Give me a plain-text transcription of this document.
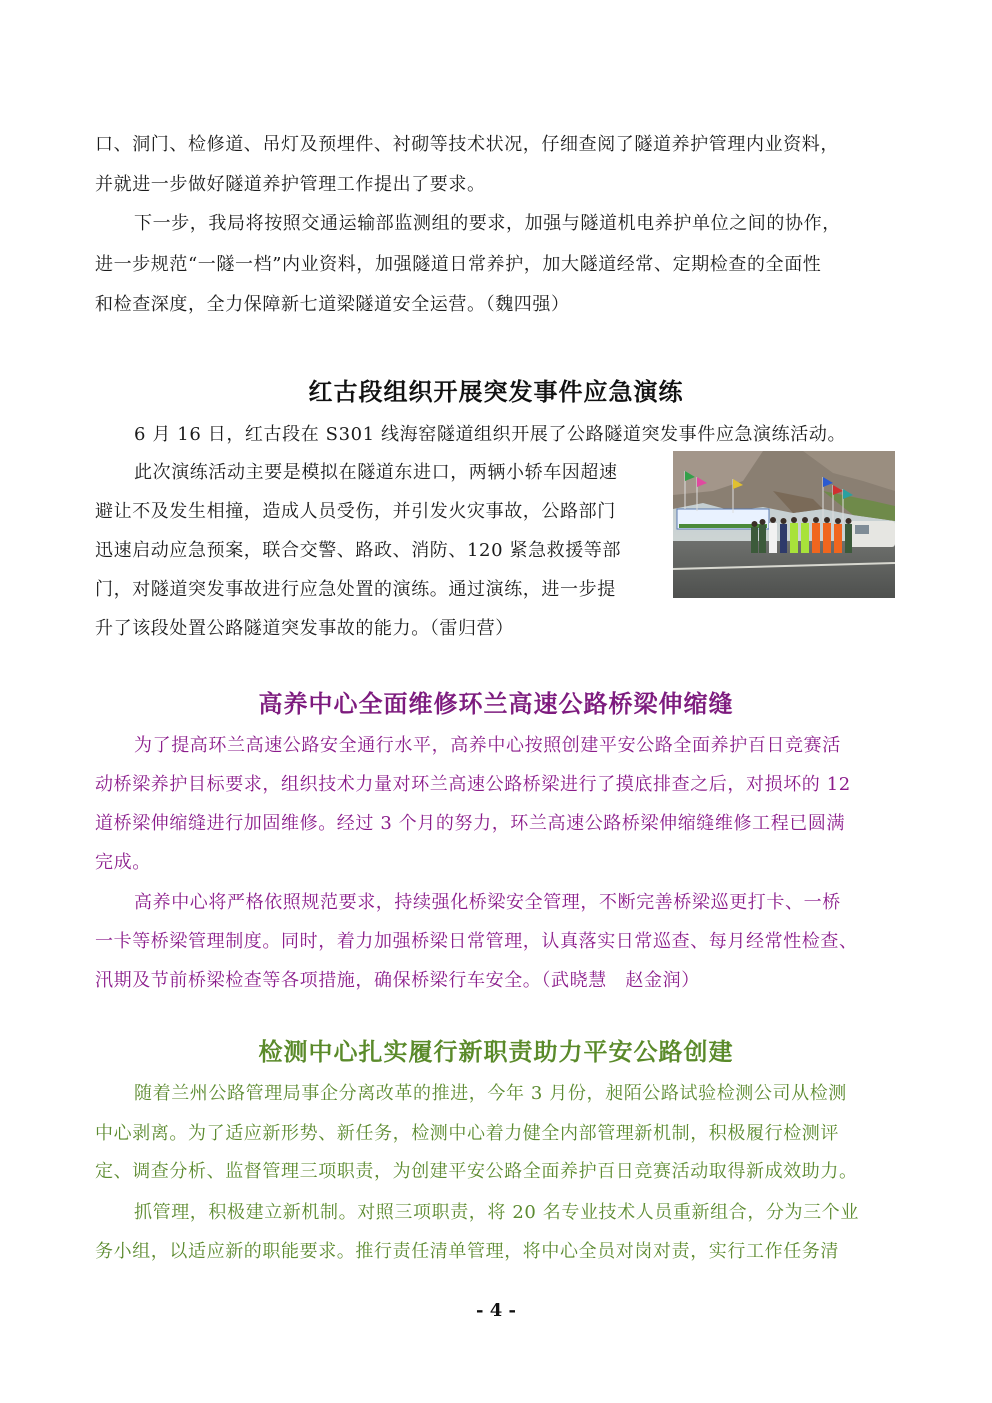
口、洞门、检修道、吊灯及预埋件、衬砌等技术状况，仔细查阅了隧道养护管理内业资料，
并就进一步做好隧道养护管理工作提出了要求。
下一步，我局将按照交通运输部监测组的要求，加强与隧道机电养护单位之间的协作，
进一步规范“一隧一档”内业资料，加强隧道日常养护，加大隧道经常、定期检查的全面性
和检查深度，全力保障新七道梁隧道安全运营。（魏四强）
红古段组织开展突发事件应急演练
6 月 16 日，红古段在 S301 线海窑隧道组织开展了公路隧道突发事件应急演练活动。
此次演练活动主要是模拟在隧道东进口，两辆小轿车因超速
避让不及发生相撞，造成人员受伤，并引发火灾事故，公路部门
迅速启动应急预案，联合交警、路政、消防、120 紧急救援等部
门，对隧道突发事故进行应急处置的演练。通过演练，进一步提
升了该段处置公路隧道突发事故的能力。（雷归营）
高养中心全面维修环兰高速公路桥梁伸缩缝
为了提高环兰高速公路安全通行水平，高养中心按照创建平安公路全面养护百日竞赛活
动桥梁养护目标要求，组织技术力量对环兰高速公路桥梁进行了摸底排查之后，对损坏的 12
道桥梁伸缩缝进行加固维修。经过 3 个月的努力，环兰高速公路桥梁伸缩缝维修工程已圆满
完成。
高养中心将严格依照规范要求，持续强化桥梁安全管理，不断完善桥梁巡更打卡、一桥
一卡等桥梁管理制度。同时，着力加强桥梁日常管理，认真落实日常巡查、每月经常性检查、
汛期及节前桥梁检查等各项措施，确保桥梁行车安全。（武晓慧　赵金润）
检测中心扎实履行新职责助力平安公路创建
随着兰州公路管理局事企分离改革的推进，今年 3 月份，昶陌公路试验检测公司从检测
中心剥离。为了适应新形势、新任务，检测中心着力健全内部管理新机制，积极履行检测评
定、调查分析、监督管理三项职责，为创建平安公路全面养护百日竞赛活动取得新成效助力。
抓管理，积极建立新机制。对照三项职责，将 20 名专业技术人员重新组合，分为三个业
务小组，以适应新的职能要求。推行责任清单管理，将中心全员对岗对责，实行工作任务清
- 4 -
